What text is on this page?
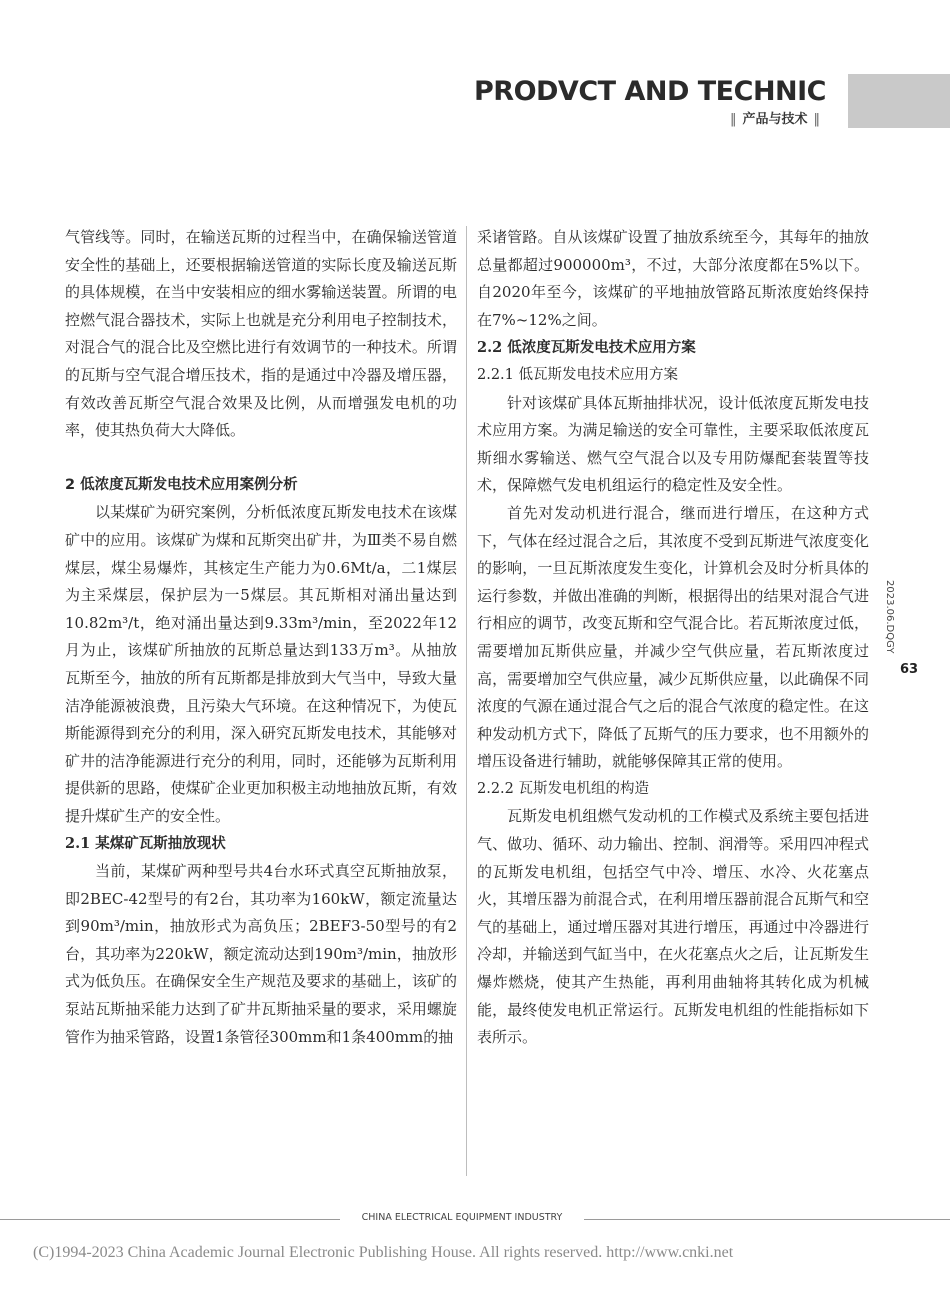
PRODVCT AND TECHNIC
‖ 产品与技术 ‖

气管线等。同时，在输送瓦斯的过程当中，在确保输送管道安全性的基础上，还要根据输送管道的实际长度及输送瓦斯的具体规模，在当中安装相应的细水雾输送装置。所谓的电控燃气混合器技术，实际上也就是充分利用电子控制技术，对混合气的混合比及空燃比进行有效调节的一种技术。所谓的瓦斯与空气混合增压技术，指的是通过中冷器及增压器，有效改善瓦斯空气混合效果及比例，从而增强发电机的功率，使其热负荷大大降低。

2 低浓度瓦斯发电技术应用案例分析

以某煤矿为研究案例，分析低浓度瓦斯发电技术在该煤矿中的应用。该煤矿为煤和瓦斯突出矿井，为Ⅲ类不易自燃煤层，煤尘易爆炸，其核定生产能力为0.6Mt/a，二1煤层为主采煤层，保护层为一5煤层。其瓦斯相对涌出量达到10.82m³/t，绝对涌出量达到9.33m³/min，至2022年12月为止，该煤矿所抽放的瓦斯总量达到133万m³。从抽放瓦斯至今，抽放的所有瓦斯都是排放到大气当中，导致大量洁净能源被浪费，且污染大气环境。在这种情况下，为使瓦斯能源得到充分的利用，深入研究瓦斯发电技术，其能够对矿井的洁净能源进行充分的利用，同时，还能够为瓦斯利用提供新的思路，使煤矿企业更加积极主动地抽放瓦斯，有效提升煤矿生产的安全性。

2.1 某煤矿瓦斯抽放现状

当前，某煤矿两种型号共4台水环式真空瓦斯抽放泵，即2BEC-42型号的有2台，其功率为160kW，额定流量达到90m³/min，抽放形式为高负压；2BEF3-50型号的有2台，其功率为220kW，额定流动达到190m³/min，抽放形式为低负压。在确保安全生产规范及要求的基础上，该矿的泵站瓦斯抽采能力达到了矿井瓦斯抽采量的要求，采用螺旋管作为抽采管路，设置1条管径300mm和1条400mm的抽

采诸管路。自从该煤矿设置了抽放系统至今，其每年的抽放总量都超过900000m³，不过，大部分浓度都在5%以下。自2020年至今，该煤矿的平地抽放管路瓦斯浓度始终保持在7%~12%之间。

2.2 低浓度瓦斯发电技术应用方案

2.2.1 低瓦斯发电技术应用方案

针对该煤矿具体瓦斯抽排状况，设计低浓度瓦斯发电技术应用方案。为满足输送的安全可靠性，主要采取低浓度瓦斯细水雾输送、燃气空气混合以及专用防爆配套装置等技术，保障燃气发电机组运行的稳定性及安全性。

首先对发动机进行混合，继而进行增压，在这种方式下，气体在经过混合之后，其浓度不受到瓦斯进气浓度变化的影响，一旦瓦斯浓度发生变化，计算机会及时分析具体的运行参数，并做出准确的判断，根据得出的结果对混合气进行相应的调节，改变瓦斯和空气混合比。若瓦斯浓度过低，需要增加瓦斯供应量，并减少空气供应量，若瓦斯浓度过高，需要增加空气供应量，减少瓦斯供应量，以此确保不同浓度的气源在通过混合气之后的混合气浓度的稳定性。在这种发动机方式下，降低了瓦斯气的压力要求，也不用额外的增压设备进行辅助，就能够保障其正常的使用。

2.2.2 瓦斯发电机组的构造

瓦斯发电机组燃气发动机的工作模式及系统主要包括进气、做功、循环、动力输出、控制、润滑等。采用四冲程式的瓦斯发电机组，包括空气中冷、增压、水冷、火花塞点火，其增压器为前混合式，在利用增压器前混合瓦斯气和空气的基础上，通过增压器对其进行增压，再通过中冷器进行冷却，并输送到气缸当中，在火花塞点火之后，让瓦斯发生爆炸燃烧，使其产生热能，再利用曲轴将其转化成为机械能，最终使发电机正常运行。瓦斯发电机组的性能指标如下表所示。

2023.06.DQGY
63
CHINA ELECTRICAL EQUIPMENT INDUSTRY
(C)1994-2023 China Academic Journal Electronic Publishing House. All rights reserved. http://www.cnki.net
